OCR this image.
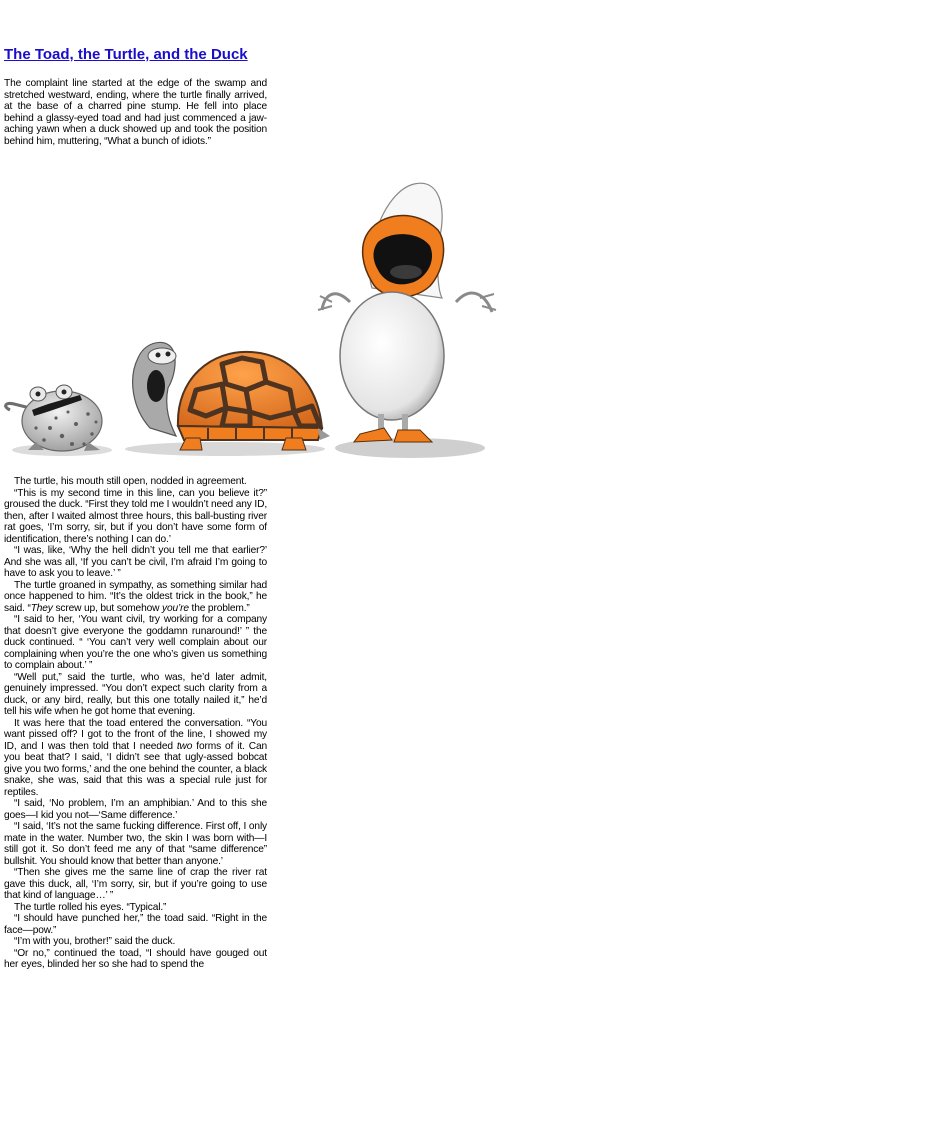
The Toad, the Turtle, and the Duck

The complaint line started at the edge of the swamp and stretched westward, ending, where the turtle finally arrived, at the base of a charred pine stump. He fell into place behind a glassy-eyed toad and had just commenced a jaw-aching yawn when a duck showed up and took the position behind him, muttering, “What a bunch of idiots.”

The turtle, his mouth still open, nodded in agreement.

“This is my second time in this line, can you believe it?” groused the duck. “First they told me I wouldn’t need any ID, then, after I waited almost three hours, this ball-busting river rat goes, ‘I’m sorry, sir, but if you don’t have some form of identification, there’s nothing I can do.’

“I was, like, ‘Why the hell didn’t you tell me that earlier?’ And she was all, ‘If you can’t be civil, I’m afraid I’m going to have to ask you to leave.’ ”

The turtle groaned in sympathy, as something similar had once happened to him. “It’s the oldest trick in the book,” he said. “They screw up, but somehow you’re the problem.”

“I said to her, ‘You want civil, try working for a company that doesn’t give everyone the goddamn runaround!’ ” the duck continued. “ ‘You can’t very well complain about our complaining when you’re the one who’s given us something to complain about.’ ”

“Well put,” said the turtle, who was, he’d later admit, genuinely impressed. “You don’t expect such clarity from a duck, or any bird, really, but this one totally nailed it,” he’d tell his wife when he got home that evening.

It was here that the toad entered the conversation. “You want pissed off? I got to the front of the line, I showed my ID, and I was then told that I needed two forms of it. Can you beat that? I said, ‘I didn’t see that ugly-assed bobcat give you two forms,’ and the one behind the counter, a black snake, she was, said that this was a special rule just for reptiles.

“I said, ‘No problem, I’m an amphibian.’ And to this she goes—I kid you not—‘Same difference.’

“I said, ‘It’s not the same fucking difference. First off, I only mate in the water. Number two, the skin I was born with—I still got it. So don’t feed me any of that “same difference” bullshit. You should know that better than anyone.’

“Then she gives me the same line of crap the river rat gave this duck, all, ‘I’m sorry, sir, but if you’re going to use that kind of language…’ ”

The turtle rolled his eyes. “Typical.”

“I should have punched her,” the toad said. “Right in the face—pow.”

“I’m with you, brother!” said the duck.

“Or no,” continued the toad, “I should have gouged out her eyes, blinded her so she had to spend the
